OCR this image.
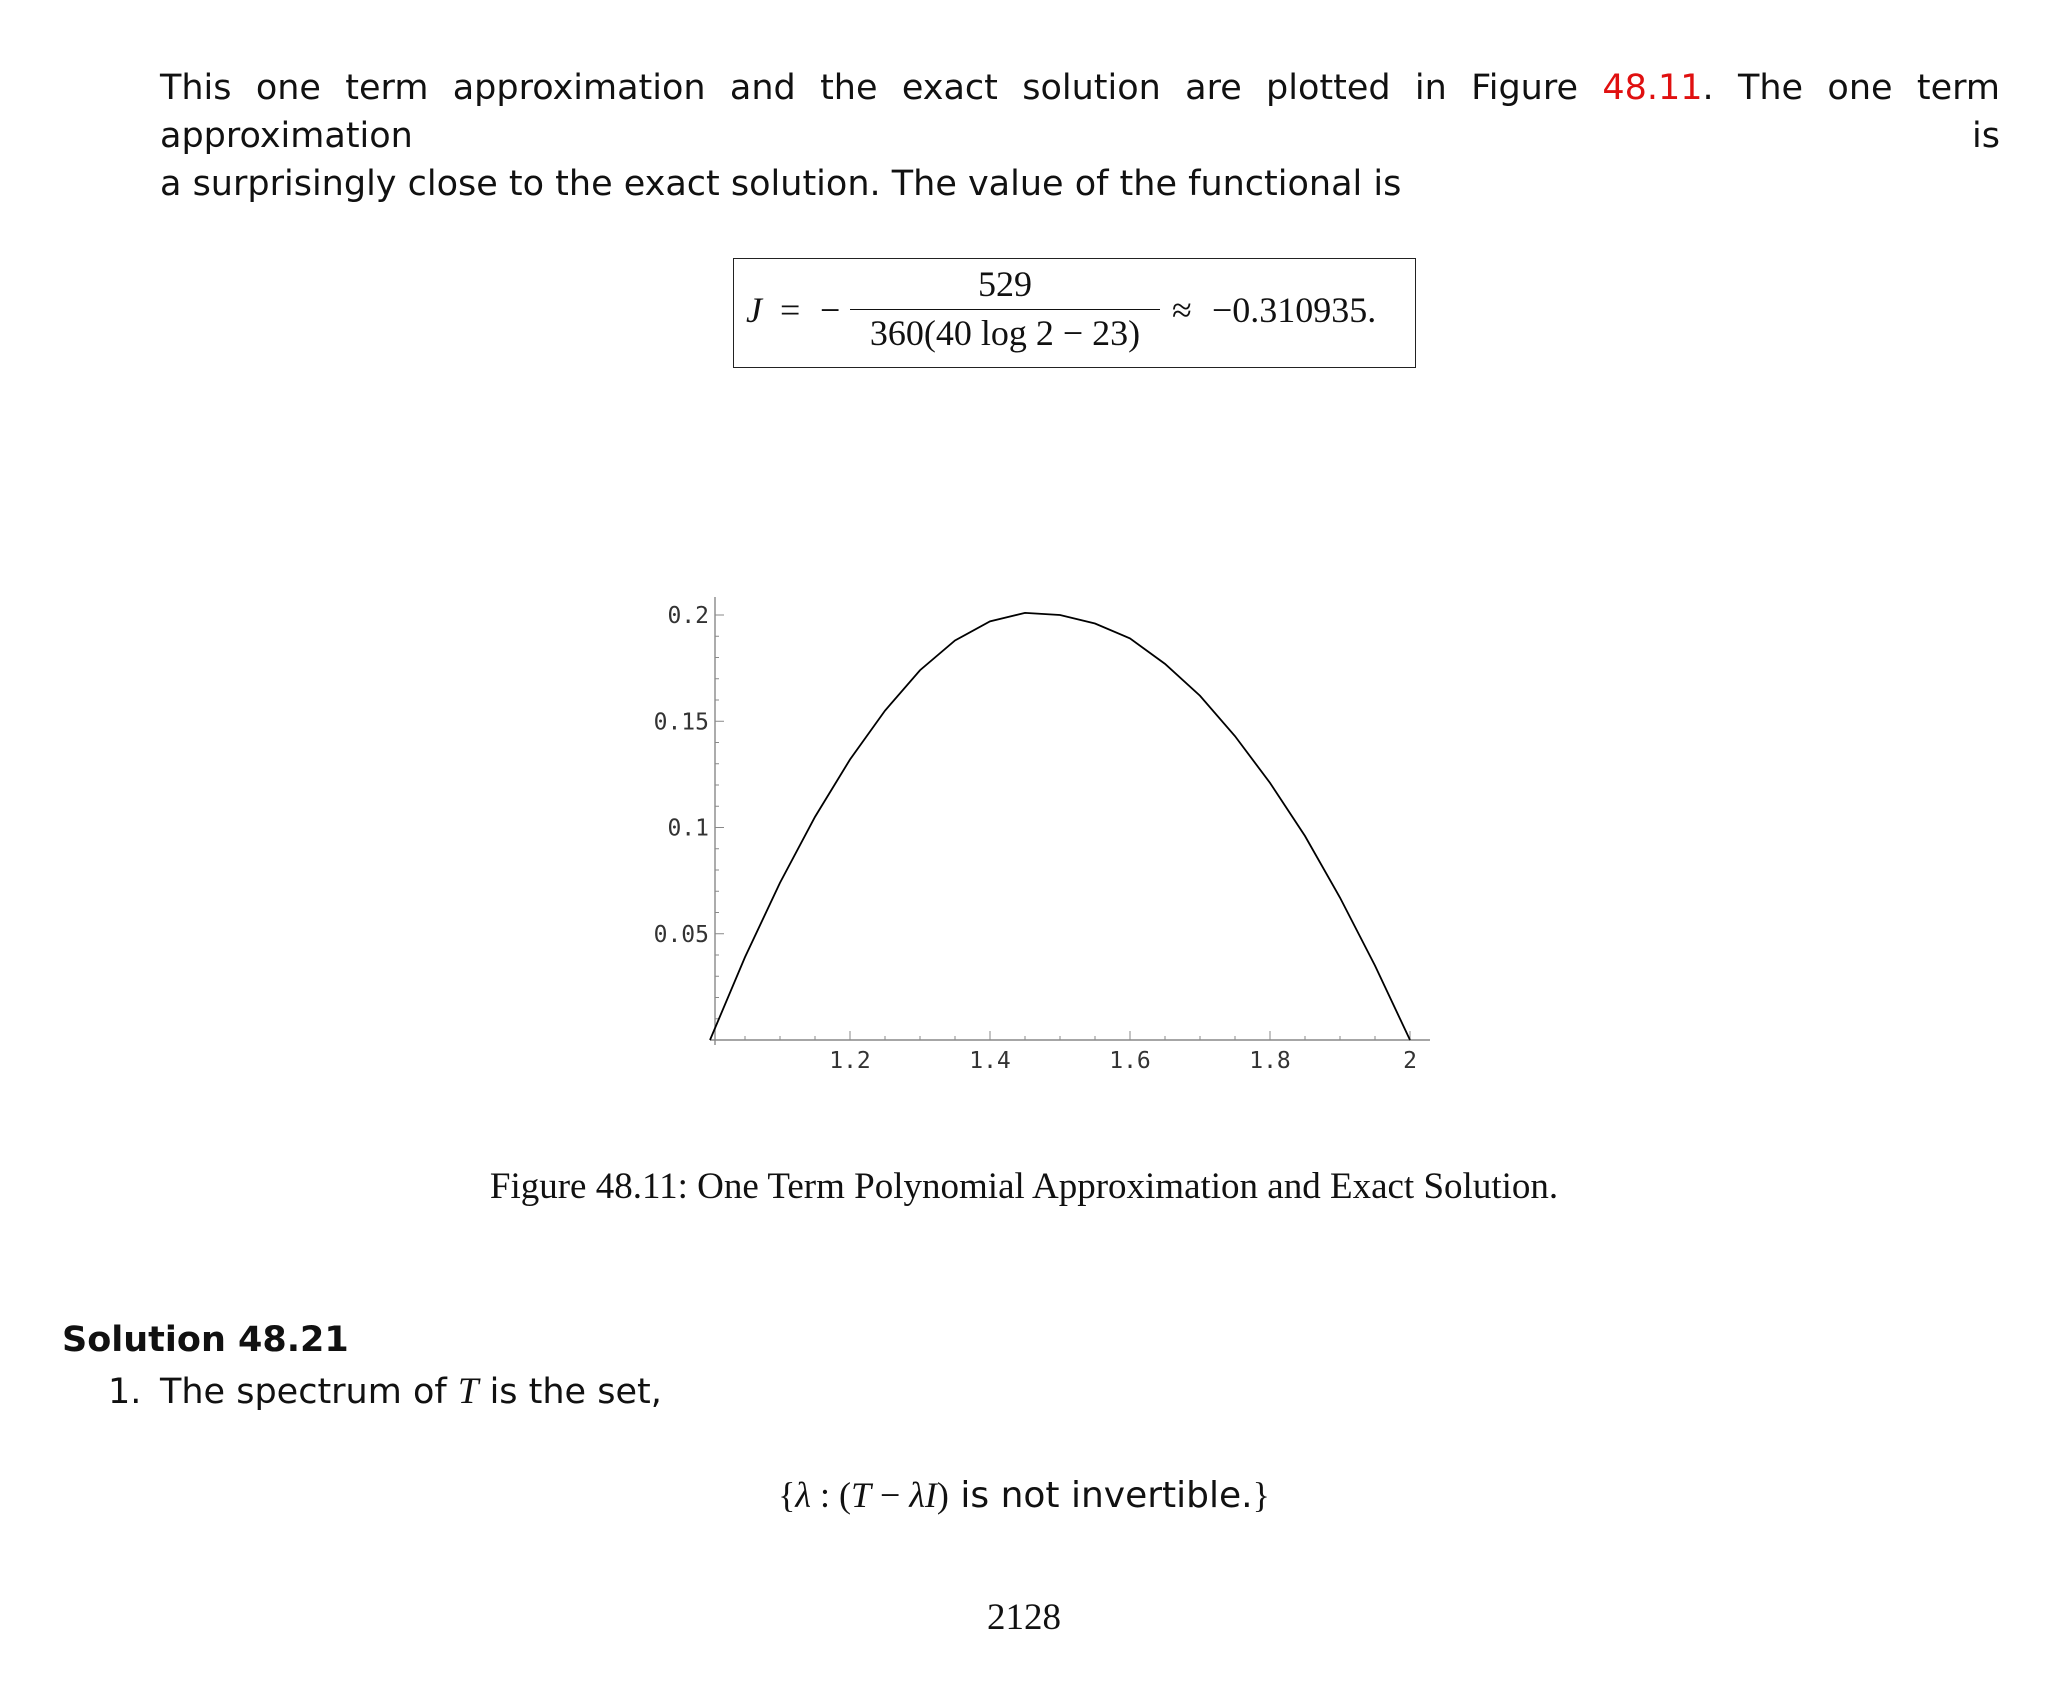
This one term approximation and the exact solution are plotted in Figure 48.11. The one term approximation is
a surprisingly close to the exact solution. The value of the functional is
J = −
529
360(40 log 2 − 23)
≈ −0.310935.
1.2	1.4	1.6	1.8	2
0.05
0.1
0.15
0.2
Figure 48.11: One Term Polynomial Approximation and Exact Solution.
Solution 48.21
1. The spectrum of T is the set,
{λ : (T − λI) is not invertible.}
2128
